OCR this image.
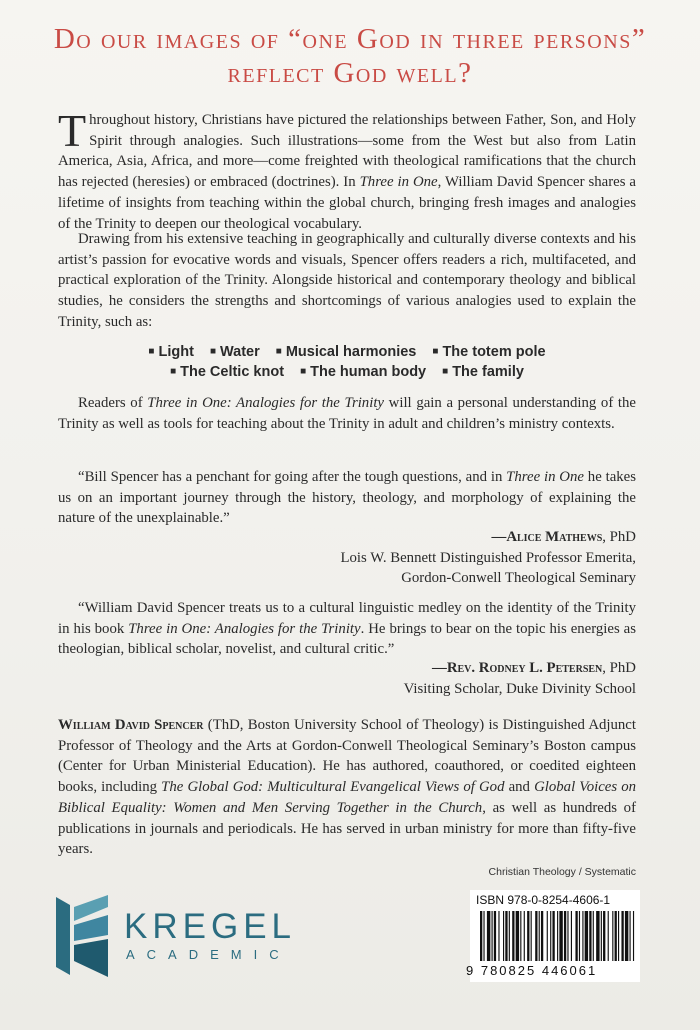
Do our images of “one God in three persons” reflect God well?
Throughout history, Christians have pictured the relationships between Father, Son, and Holy Spirit through analogies. Such illustrations—some from the West but also from Latin America, Asia, Africa, and more—come freighted with theological ramifications that the church has rejected (heresies) or embraced (doctrines). In Three in One, William David Spencer shares a lifetime of insights from teaching within the global church, bringing fresh images and analogies of the Trinity to deepen our theological vocabulary.

Drawing from his extensive teaching in geographically and culturally diverse contexts and his artist’s passion for evocative words and visuals, Spencer offers readers a rich, multifaceted, and practical exploration of the Trinity. Alongside historical and contemporary theology and biblical studies, he considers the strengths and shortcomings of various analogies used to explain the Trinity, such as:

■ Light ■ Water ■ Musical harmonies ■ The totem pole
■ The Celtic knot ■ The human body ■ The family

Readers of Three in One: Analogies for the Trinity will gain a personal understanding of the Trinity as well as tools for teaching about the Trinity in adult and children’s ministry contexts.

“Bill Spencer has a penchant for going after the tough questions, and in Three in One he takes us on an important journey through the history, theology, and morphology of explaining the nature of the unexplainable.”

—Alice Mathews, PhD
Lois W. Bennett Distinguished Professor Emerita,
Gordon-Conwell Theological Seminary

“William David Spencer treats us to a cultural linguistic medley on the identity of the Trinity in his book Three in One: Analogies for the Trinity. He brings to bear on the topic his energies as theologian, biblical scholar, novelist, and cultural critic.”

—Rev. Rodney L. Petersen, PhD
Visiting Scholar, Duke Divinity School
William David Spencer (ThD, Boston University School of Theology) is Distinguished Adjunct Professor of Theology and the Arts at Gordon-Conwell Theological Seminary’s Boston campus (Center for Urban Ministerial Education). He has authored, coauthored, or coedited eighteen books, including The Global God: Multicultural Evangelical Views of God and Global Voices on Biblical Equality: Women and Men Serving Together in the Church, as well as hundreds of publications in journals and periodicals. He has served in urban ministry for more than fifty-five years.
Christian Theology / Systematic
KREGEL
ACADEMIC
ISBN 978-0-8254-4606-1
9 780825 446061
